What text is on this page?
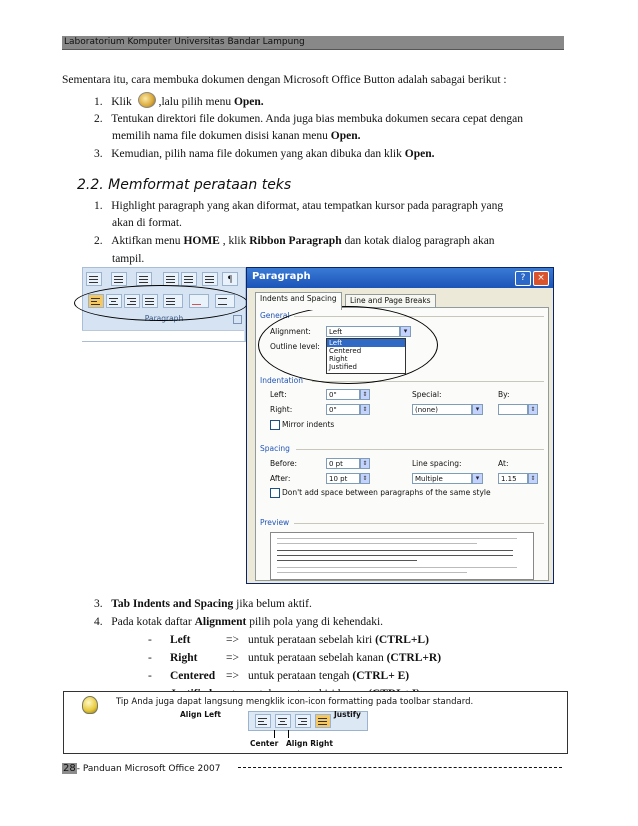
Laboratorium Komputer Universitas Bandar Lampung
Sementara itu, cara membuka dokumen dengan Microsoft Office Button adalah sabagai berikut :
1. Klik ,lalu pilih menu Open.
2. Tentukan direktori file dokumen. Anda juga bias membuka dokumen secara cepat dengan
memilih nama file dokumen disisi kanan menu Open.
3. Kemudian, pilih nama file dokumen yang akan dibuka dan klik Open.
2.2. Memformat perataan teks
1. Highlight paragraph yang akan diformat, atau tempatkan kursor pada paragraph yang
akan di format.
2. Aktifkan menu HOME , klik Ribbon Paragraph dan kotak dialog paragraph akan
tampil.
¶
Paragraph
Paragraph	?	×
Indents and Spacing	Line and Page Breaks
General
Alignment:	Left	▾
Outline level: Left
Centered
Right
Justified
Indentation
Left:	0"	⇕	Special:	By:
Right:	0"	⇕	(none)	▾	⇕
Mirror indents
Spacing
Before:	0 pt	⇕	Line spacing:	At:
After:	10 pt	⇕	Multiple	▾	1.15	⇕
Don't add space between paragraphs of the same style
Preview
3. Tab Indents and Spacing jika belum aktif.
4. Pada kotak daftar Alignment pilih pola yang di kehendaki.
- Left	=> untuk perataan sebelah kiri (CTRL+L)
- Right => untuk perataan sebelah kanan (CTRL+R)
- Centered => untuk perataan tengah (CTRL+ E)
Tip Anda juga dapat langsung mengklik icon-icon formatting pada toolbar standard.
Align Left	Justify
Center Align Right
28- Panduan Microsoft Office 2007
